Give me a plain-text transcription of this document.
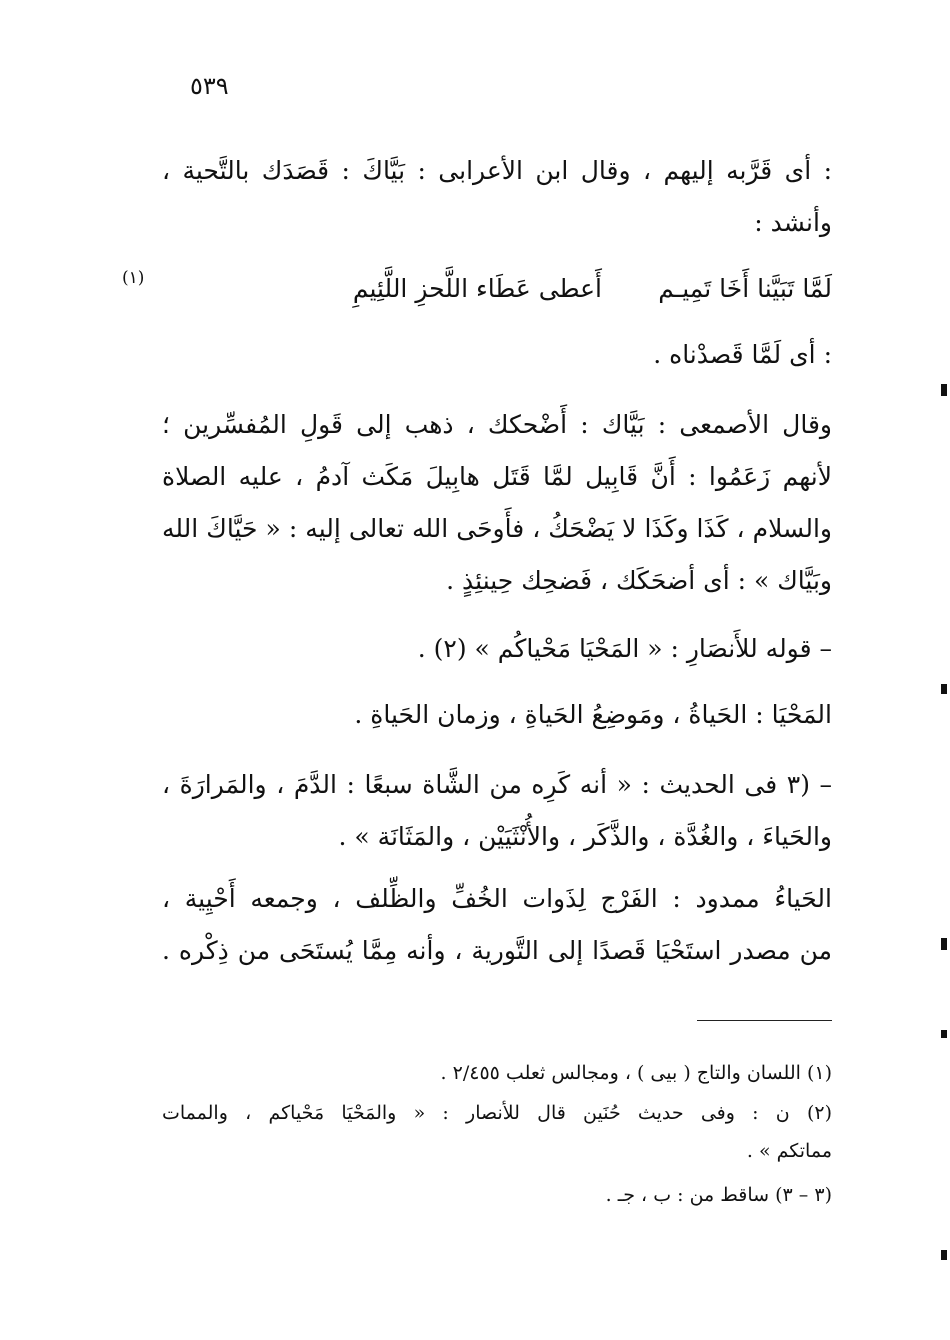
٥٣٩
: أى قَرَّبه إليهم ، وقال ابن الأعرابى : بَيَّاكَ : قَصَدَك بالتَّحية ،
وأنشد :
لَمَّا تَبَيَّنا أَخَا تَمِيـم
أَعطى عَطَاء اللَّحزِ اللَّئِيمِ
(١)
: أى لَمَّا قَصدْناه .
وقال الأصمعى : بَيَّاك : أَضْحكك ، ذهب إلى قَولِ المُفسِّرين ؛
لأنهم زَعَمُوا : أَنَّ قَابِيل لمَّا قَتَل هابِيلَ مَكَث آدمُ ، عليه الصلاة
والسلام ، كَذَا وكَذَا لا يَضْحَكُ ، فأَوحَى الله تعالى إليه : « حَيَّاكَ الله
وبَيَّاك » : أى أضحَكَك ، فَضحِك حِينئِذٍ .
– قوله للأَنصَارِ : « المَحْيَا مَحْياكُم » (٢) .
المَحْيَا : الحَياةُ ، ومَوضِعُ الحَياةِ ، وزمان الحَياةِ .
– (٣ فى الحديث : « أنه كَرِه من الشَّاة سبعًا : الدَّمَ ، والمَرارَةَ ،
والحَياءَ ، والغُدَّة ، والذَّكَر ، والأُنْثَيَيْن ، والمَثَانَة » .
الحَياءُ ممدود : الفَرْج لِذَوات الخُفِّ والظِّلف ، وجمعه أَحْيِية ،
من مصدر استَحْيَا قَصدًا إلى التَّورية ، وأنه مِمَّا يُستَحَى من ذِكْره .
(١) اللسان والتاج ( بيى ) ، ومجالس ثعلب ٢/٤٥٥ .
(٢) ن : وفى حديث حُنَين قال للأنصار : « والمَحْيَا مَحْياكم ، والممات
مماتكم » .
(٣ – ٣) ساقط من : ب ، جـ .
